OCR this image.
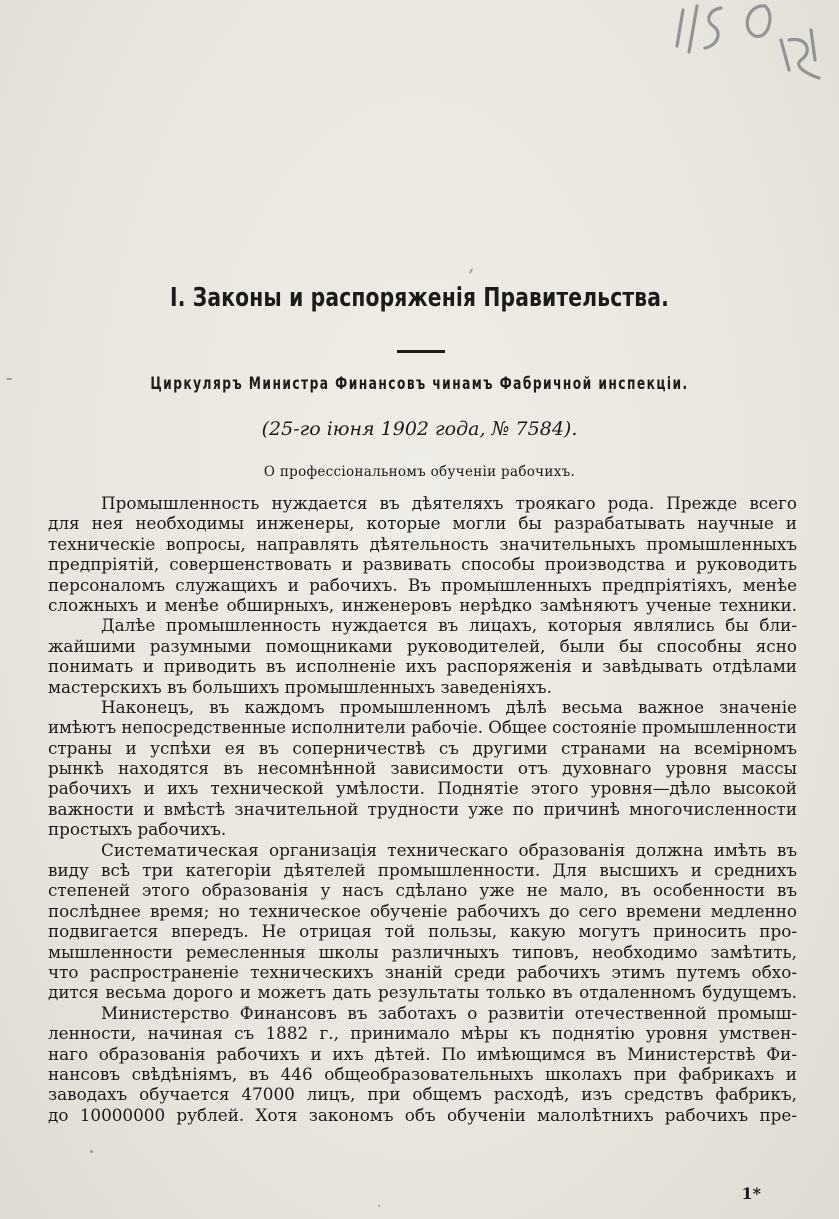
I. Законы и распоряженія Правительства.
Циркуляръ Министра Финансовъ чинамъ Фабричной инспекціи.
(25-го іюня 1902 года, № 7584).
О профессіональномъ обученіи рабочихъ.
Промышленность нуждается въ дѣятеляхъ троякаго рода. Прежде всего
для нея необходимы инженеры, которые могли бы разрабатывать научные и
техническіе вопросы, направлять дѣятельность значительныхъ промышленныхъ
предпріятій, совершенствовать и развивать способы производства и руководить
персоналомъ служащихъ и рабочихъ. Въ промышленныхъ предпріятіяхъ, менѣе
сложныхъ и менѣе обширныхъ, инженеровъ нерѣдко замѣняютъ ученые техники.
Далѣе промышленность нуждается въ лицахъ, которыя являлись бы бли-
жайшими разумными помощниками руководителей, были бы способны ясно
понимать и приводить въ исполненіе ихъ распоряженія и завѣдывать отдѣлами
мастерскихъ въ большихъ промышленныхъ заведеніяхъ.
Наконецъ, въ каждомъ промышленномъ дѣлѣ весьма важное значеніе
имѣютъ непосредственные исполнители рабочіе. Общее состояніе промышленности
страны и успѣхи ея въ соперничествѣ съ другими странами на всемірномъ
рынкѣ находятся въ несомнѣнной зависимости отъ духовнаго уровня массы
рабочихъ и ихъ технической умѣлости. Поднятіе этого уровня—дѣло высокой
важности и вмѣстѣ значительной трудности уже по причинѣ многочисленности
простыхъ рабочихъ.
Систематическая организація техническаго образованія должна имѣть въ
виду всѣ три категоріи дѣятелей промышленности. Для высшихъ и среднихъ
степеней этого образованія у насъ сдѣлано уже не мало, въ особенности въ
послѣднее время; но техническое обученіе рабочихъ до сего времени медленно
подвигается впередъ. Не отрицая той пользы, какую могутъ приносить про-
мышленности ремесленныя школы различныхъ типовъ, необходимо замѣтить,
что распространеніе техническихъ знаній среди рабочихъ этимъ путемъ обхо-
дится весьма дорого и можетъ дать результаты только въ отдаленномъ будущемъ.
Министерство Финансовъ въ заботахъ о развитіи отечественной промыш-
ленности, начиная съ 1882 г., принимало мѣры къ поднятію уровня умствен-
наго образованія рабочихъ и ихъ дѣтей. По имѣющимся въ Министерствѣ Фи-
нансовъ свѣдѣніямъ, въ 446 общеобразовательныхъ школахъ при фабрикахъ и
заводахъ обучается 47000 лицъ, при общемъ расходѣ, изъ средствъ фабрикъ,
до 10000000 рублей. Хотя закономъ объ обученіи малолѣтнихъ рабочихъ пре-
1*
